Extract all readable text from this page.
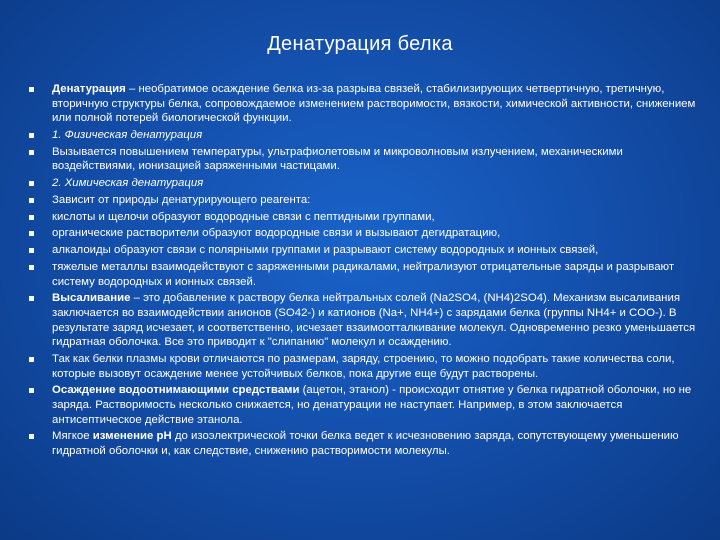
Денатурация белка
Денатурация – необратимое осаждение белка из-за разрыва связей, стабилизирующих четвертичную, третичную, вторичную структуры белка, сопровождаемое изменением растворимости, вязкости, химической активности, снижением или полной потерей биологической функции.
1. Физическая денатурация
Вызывается повышением температуры, ультрафиолетовым и микроволновым излучением, механическими воздействиями, ионизацией заряженными частицами.
2. Химическая денатурация
Зависит от природы денатурирующего реагента:
кислоты и щелочи образуют водородные связи с пептидными группами,
органические растворители образуют водородные связи и вызывают дегидратацию,
алкалоиды образуют связи с полярными группами и разрывают систему водородных и ионных связей,
тяжелые металлы взаимодействуют с заряженными радикалами, нейтрализуют отрицательные заряды и разрывают систему водородных и ионных связей.
Высаливание – это добавление к раствору белка нейтральных солей (Na2SO4, (NH4)2SO4). Механизм высаливания заключается во взаимодействии анионов (SO42-) и катионов (Na+, NH4+) с зарядами белка (группы NH4+ и COO-). В результате заряд исчезает, и соответственно, исчезает взаимоотталкивание молекул. Одновременно резко уменьшается гидратная оболочка. Все это приводит к "слипанию" молекул и осаждению.
Так как белки плазмы крови отличаются по размерам, заряду, строению, то можно подобрать такие количества соли, которые вызовут осаждение менее устойчивых белков, пока другие еще будут растворены.
Осаждение водоотнимающими средствами (ацетон, этанол) - происходит отнятие у белка гидратной оболочки, но не заряда. Растворимость несколько снижается, но денатурации не наступает. Например, в этом заключается антисептическое действие этанола.
Мягкое изменение рН до изоэлектрической точки белка ведет к исчезновению заряда, сопутствующему уменьшению гидратной оболочки и, как следствие, снижению растворимости молекулы.
